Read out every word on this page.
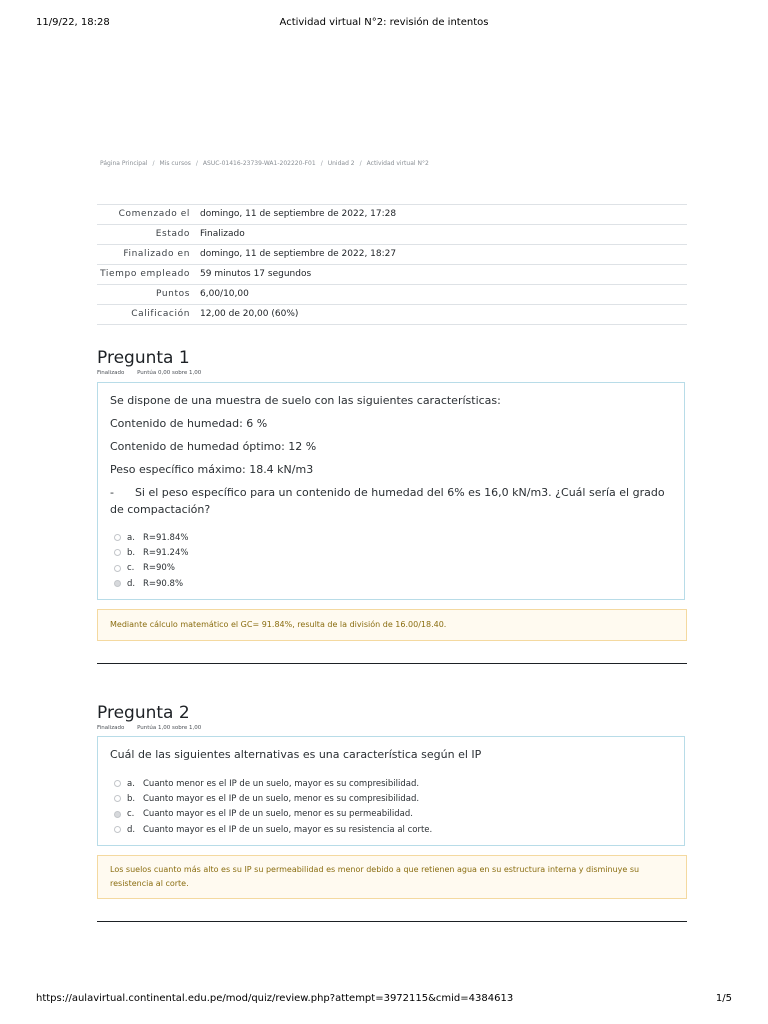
11/9/22, 18:28	Actividad virtual N°2: revisión de intentos
Página Principal / Mis cursos / ASUC-01416-23739-WA1-202220-F01 / Unidad 2 / Actividad virtual N°2
Comenzado el	domingo, 11 de septiembre de 2022, 17:28
Estado	Finalizado
Finalizado en	domingo, 11 de septiembre de 2022, 18:27
Tiempo empleado	59 minutos 17 segundos
Puntos	6,00/10,00
Calificación	12,00 de 20,00 (60%)
Pregunta 1
Finalizado Puntúa 0,00 sobre 1,00

Se dispone de una muestra de suelo con las siguientes características:

Contenido de humedad: 6 %

Contenido de humedad óptimo: 12 %

Peso específico máximo: 18.4 kN/m3

-      Si el peso específico para un contenido de humedad del 6% es 16,0 kN/m3. ¿Cuál sería el grado de compactación?

a. R=91.84%
b. R=91.24%
c.	R=90%
d. R=90.8%
Mediante cálculo matemático el GC= 91.84%, resulta de la división de 16.00/18.40.
Pregunta 2
Finalizado Puntúa 1,00 sobre 1,00

Cuál de las siguientes alternativas es una característica según el IP

a. Cuanto menor es el IP de un suelo, mayor es su compresibilidad.
b. Cuanto mayor es el IP de un suelo, menor es su compresibilidad.
c.	Cuanto mayor es el IP de un suelo, menor es su permeabilidad.
d. Cuanto mayor es el IP de un suelo, mayor es su resistencia al corte.
Los suelos cuanto más alto es su IP su permeabilidad es menor debido a que retienen agua en su estructura interna y disminuye su resistencia al corte.
https://aulavirtual.continental.edu.pe/mod/quiz/review.php?attempt=3972115&cmid=4384613	1/5
